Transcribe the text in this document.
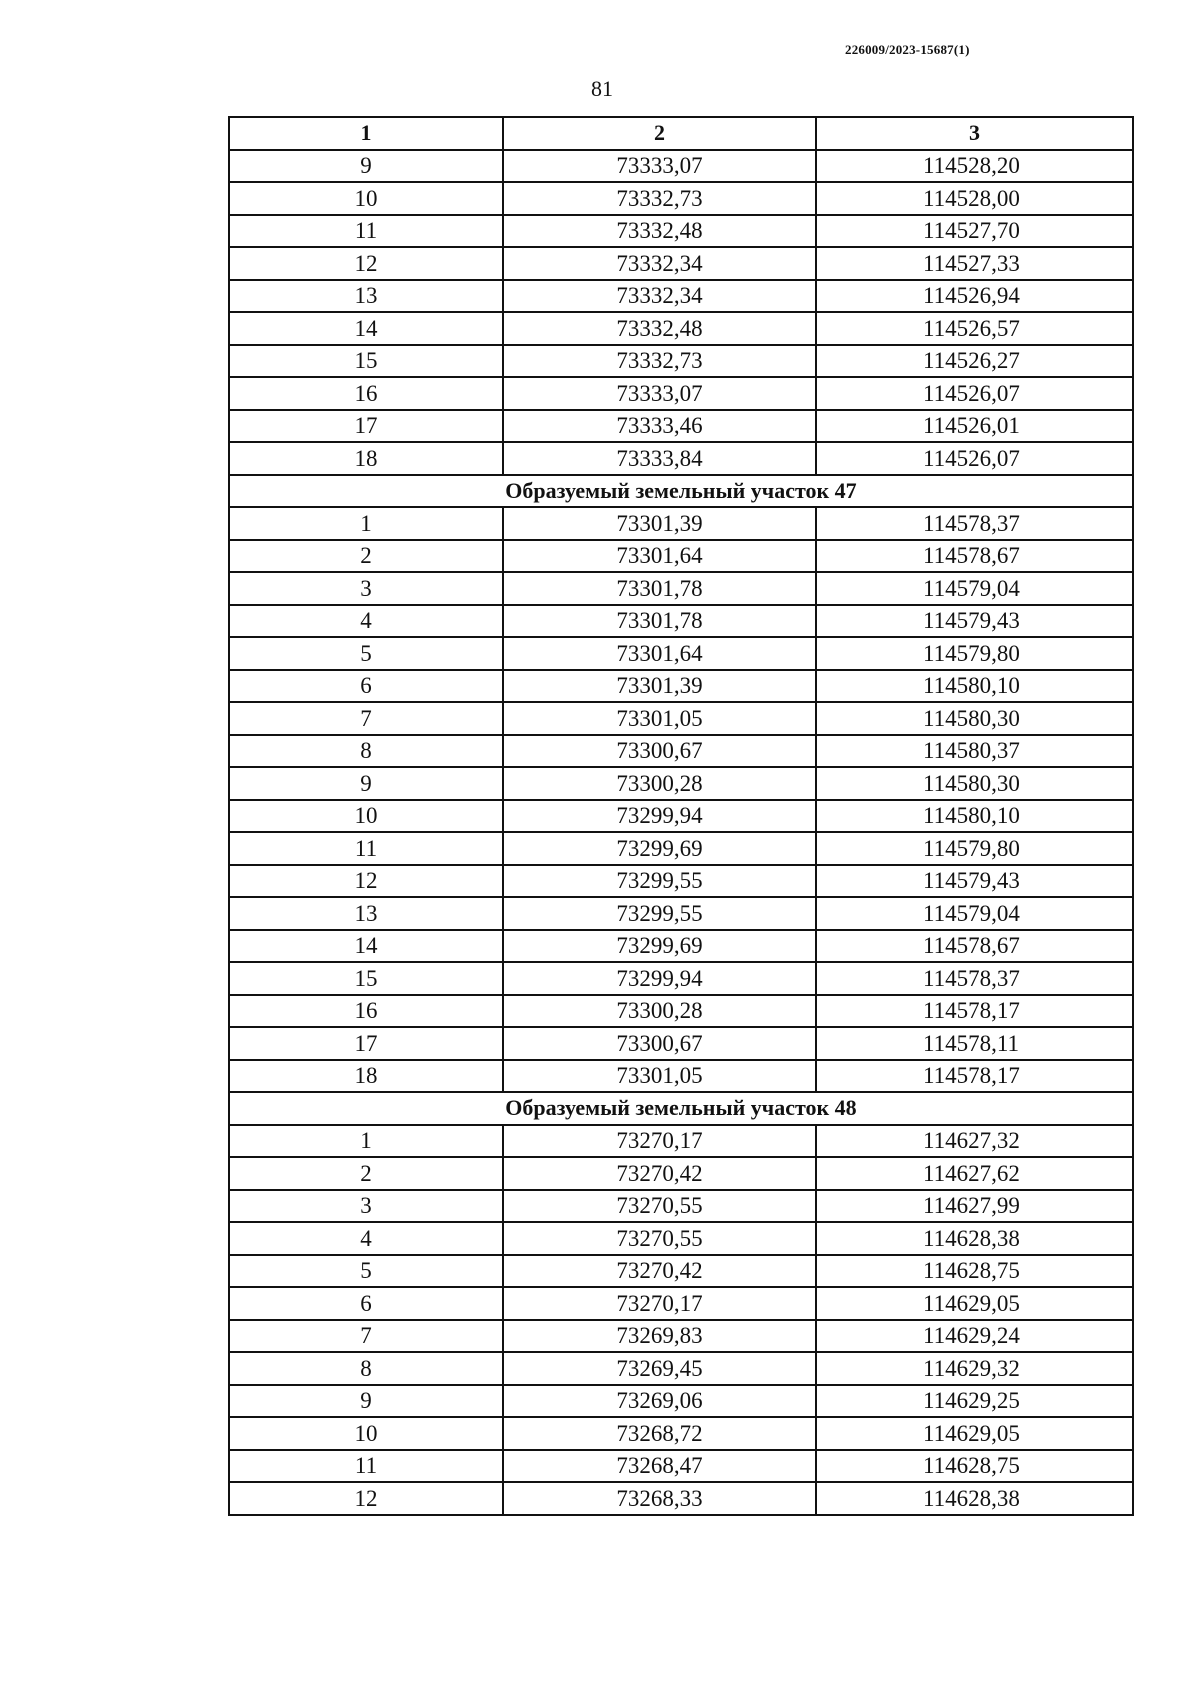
226009/2023-15687(1)
81
1	2	3
9	73333,07	114528,20
10	73332,73	114528,00
11	73332,48	114527,70
12	73332,34	114527,33
13	73332,34	114526,94
14	73332,48	114526,57
15	73332,73	114526,27
16	73333,07	114526,07
17	73333,46	114526,01
18	73333,84	114526,07
Образуемый земельный участок 47		
1	73301,39	114578,37
2	73301,64	114578,67
3	73301,78	114579,04
4	73301,78	114579,43
5	73301,64	114579,80
6	73301,39	114580,10
7	73301,05	114580,30
8	73300,67	114580,37
9	73300,28	114580,30
10	73299,94	114580,10
11	73299,69	114579,80
12	73299,55	114579,43
13	73299,55	114579,04
14	73299,69	114578,67
15	73299,94	114578,37
16	73300,28	114578,17
17	73300,67	114578,11
18	73301,05	114578,17
Образуемый земельный участок 48		
1	73270,17	114627,32
2	73270,42	114627,62
3	73270,55	114627,99
4	73270,55	114628,38
5	73270,42	114628,75
6	73270,17	114629,05
7	73269,83	114629,24
8	73269,45	114629,32
9	73269,06	114629,25
10	73268,72	114629,05
11	73268,47	114628,75
12	73268,33	114628,38
